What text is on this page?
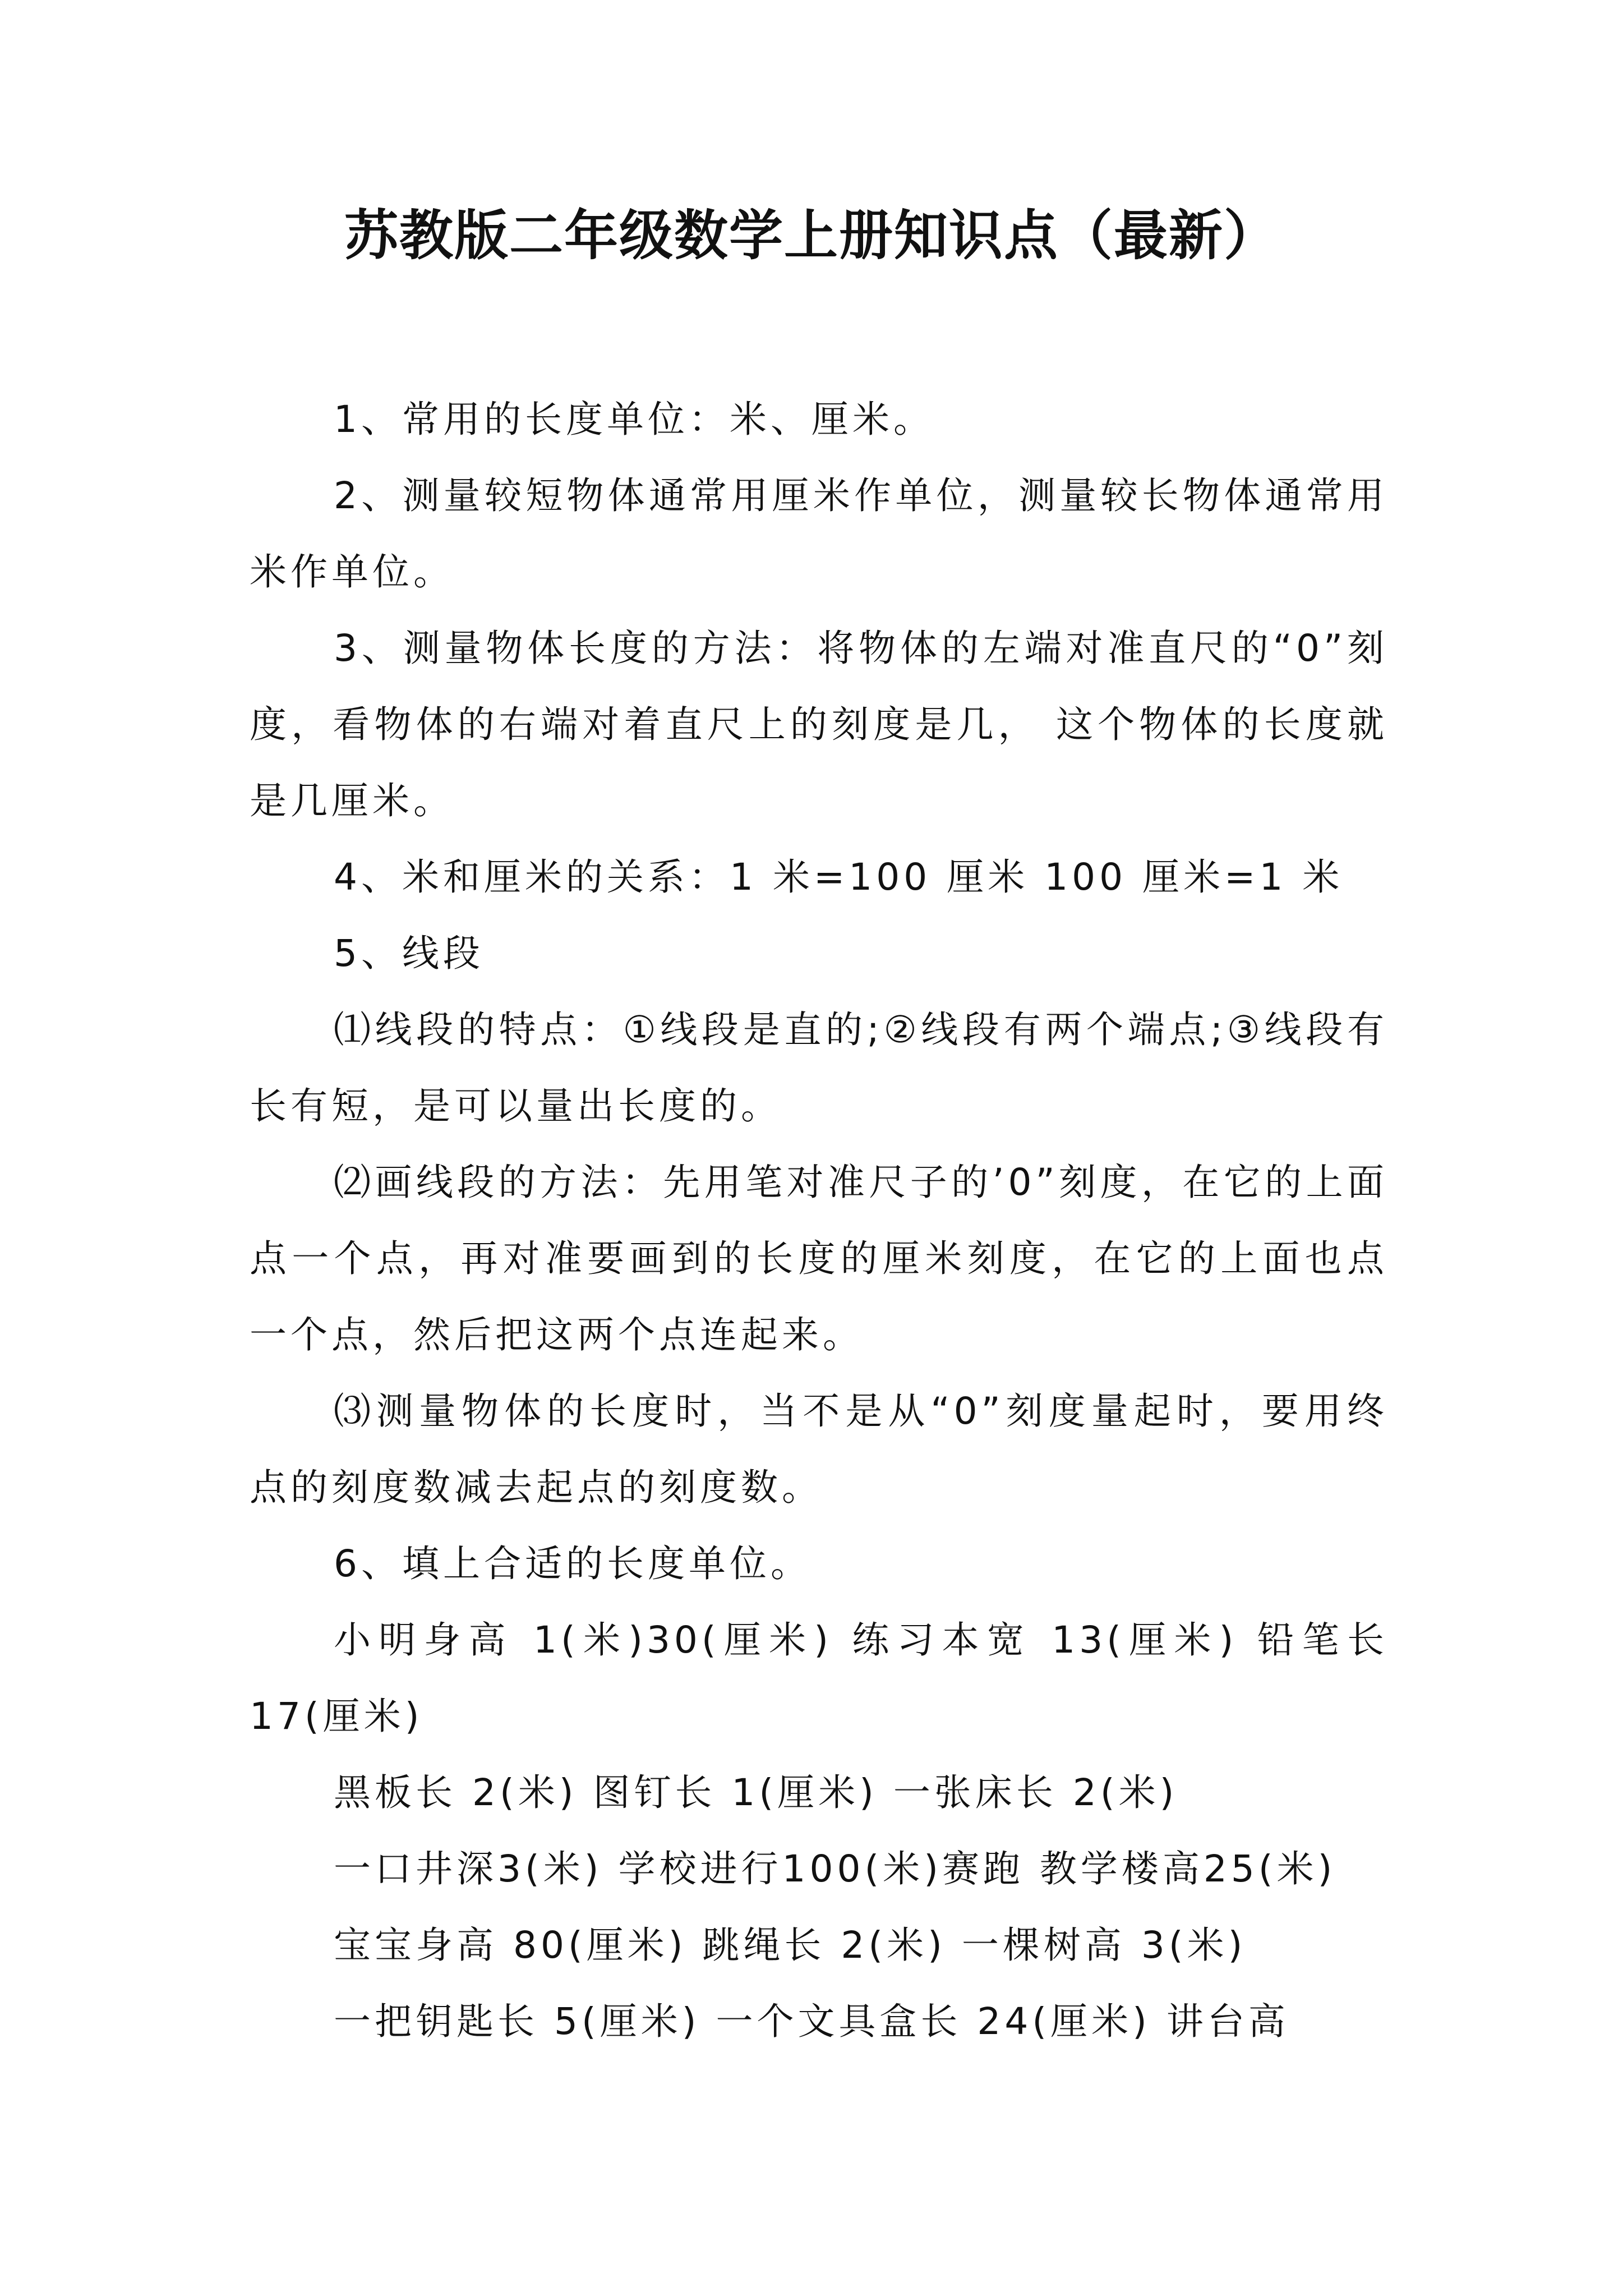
苏教版二年级数学上册知识点（最新）

1、常用的长度单位：米、厘米。

2、测量较短物体通常用厘米作单位，测量较长物体通常用米作单位。

3、测量物体长度的方法：将物体的左端对准直尺的“0”刻度，看物体的右端对着直尺上的刻度是几， 这个物体的长度就是几厘米。

4、米和厘米的关系：1 米=100 厘米 100 厘米=1 米

5、线段

⑴线段的特点：①线段是直的;②线段有两个端点;③线段有长有短，是可以量出长度的。

⑵画线段的方法：先用笔对准尺子的’0”刻度，在它的上面点一个点，再对准要画到的长度的厘米刻度，在它的上面也点一个点，然后把这两个点连起来。

⑶测量物体的长度时，当不是从“0”刻度量起时，要用终点的刻度数减去起点的刻度数。

6、填上合适的长度单位。

小明身高 1(米)30(厘米) 练习本宽 13(厘米) 铅笔长 17(厘米)

黑板长 2(米) 图钉长 1(厘米) 一张床长 2(米)

一口井深3(米) 学校进行100(米)赛跑 教学楼高25(米)

宝宝身高 80(厘米) 跳绳长 2(米) 一棵树高 3(米)

一把钥匙长 5(厘米) 一个文具盒长 24(厘米) 讲台高
